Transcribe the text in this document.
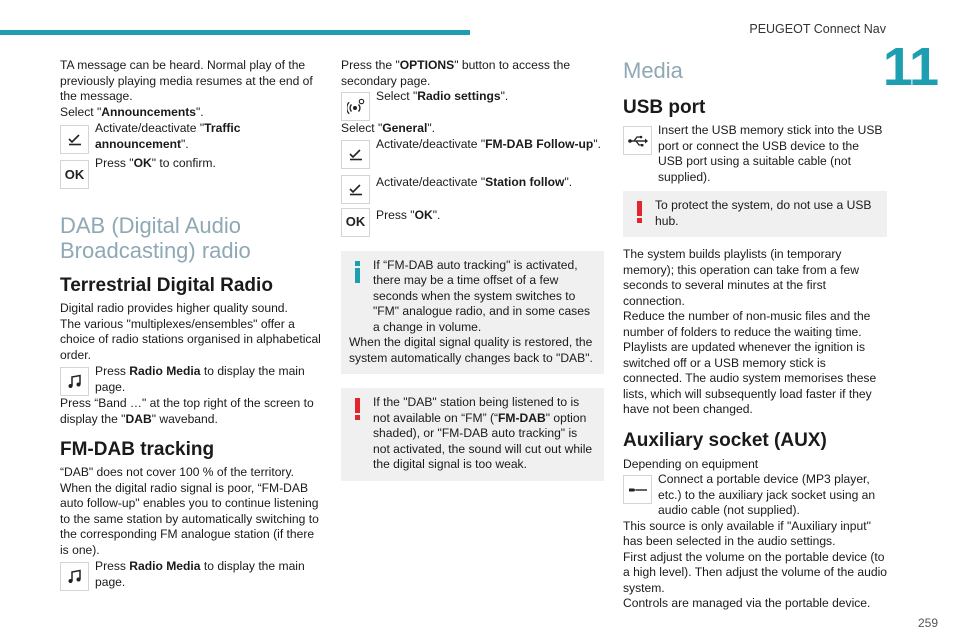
PEUGEOT Connect Nav
11
259

TA message can be heard. Normal play of the previously playing media resumes at the end of the message.

Select "Announcements".

Activate/deactivate "Traffic announcement".
OK
Press "OK" to confirm.

DAB (Digital Audio Broadcasting) radio

Terrestrial Digital Radio

Digital radio provides higher quality sound.

The various "multiplexes/ensembles" offer a choice of radio stations organised in alphabetical order.

Press Radio Media to display the main page.

Press “Band …" at the top right of the screen to display the "DAB" waveband.

FM-DAB tracking

“DAB" does not cover 100 % of the territory. When the digital radio signal is poor, “FM-DAB auto follow-up" enables you to continue listening to the same station by automatically switching to the corresponding FM analogue station (if there is one).

Press Radio Media to display the main page.

Press the "OPTIONS" button to access the secondary page.

Select "Radio settings".

Select "General".

Activate/deactivate "FM-DAB Follow-up".
Activate/deactivate "Station follow".
OK Press "OK".

If “FM-DAB auto tracking" is activated, there may be a time offset of a few seconds when the system switches to "FM" analogue radio, and in some cases a change in volume.

When the digital signal quality is restored, the system automatically changes back to "DAB".

If the "DAB" station being listened to is not available on “FM” (“FM-DAB" option shaded), or "FM-DAB auto tracking" is not activated, the sound will cut out while the digital signal is too weak.

Media

USB port

Insert the USB memory stick into the USB port or connect the USB device to the USB port using a suitable cable (not supplied).

To protect the system, do not use a USB hub.

The system builds playlists (in temporary memory); this operation can take from a few seconds to several minutes at the first connection.

Reduce the number of non-music files and the number of folders to reduce the waiting time.

Playlists are updated whenever the ignition is switched off or a USB memory stick is connected. The audio system memorises these lists, which will subsequently load faster if they have not been changed.

Auxiliary socket (AUX)

Depending on equipment

Connect a portable device (MP3 player, etc.) to the auxiliary jack socket using an audio cable (not supplied).

This source is only available if "Auxiliary input" has been selected in the audio settings.

First adjust the volume on the portable device (to a high level). Then adjust the volume of the audio system.

Controls are managed via the portable device.
